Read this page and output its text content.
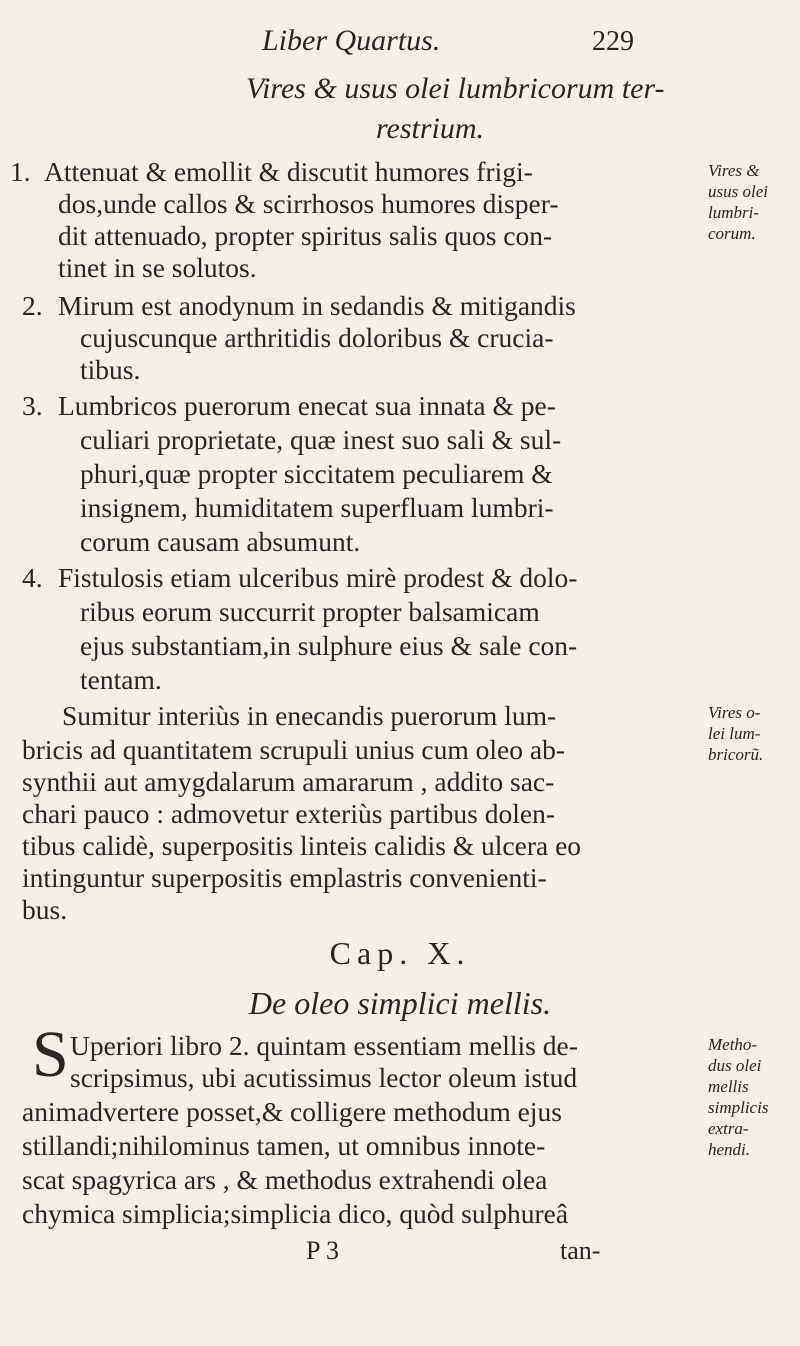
Liber Quartus.	229
Vires & usus olei lumbricorum ter-
restrium.
1. Attenuat & emollit & discutit humores frigi-
dos,unde callos & scirrhosos humores disper-
dit attenuado, propter spiritus salis quos con-
tinet in se solutos.
2. Mirum est anodynum in sedandis & mitigandis
cujuscunque arthritidis doloribus & crucia-
tibus.
3. Lumbricos puerorum enecat sua innata & pe-
culiari proprietate, quæ inest suo sali & sul-
phuri,quæ propter siccitatem peculiarem &
insignem, humiditatem superfluam lumbri-
corum causam absumunt.
4. Fistulosis etiam ulceribus mirè prodest & dolo-
ribus eorum succurrit propter balsamicam
ejus substantiam,in sulphure eius & sale con-
tentam.
Sumitur interiùs in enecandis puerorum lum-
bricis ad quantitatem scrupuli unius cum oleo ab-
synthii aut amygdalarum amararum , addito sac-
chari pauco : admovetur exteriùs partibus dolen-
tibus calidè, superpositis linteis calidis & ulcera eo
intinguntur superpositis emplastris convenienti-
bus.
Cap. X.
De oleo simplici mellis.
S Uperiori libro 2. quintam essentiam mellis de-
scripsimus, ubi acutissimus lector oleum istud
animadvertere posset,& colligere methodum ejus
stillandi;nihilominus tamen, ut omnibus innote-
scat spagyrica ars , & methodus extrahendi olea
chymica simplicia;simplicia dico, quòd sulphureâ
Vires &
usus olei
lumbri-
corum.
Vires o-
lei lum-
bricorũ.
Metho-
dus olei
mellis
simplicis
extra-
hendi.
P 3	tan-
